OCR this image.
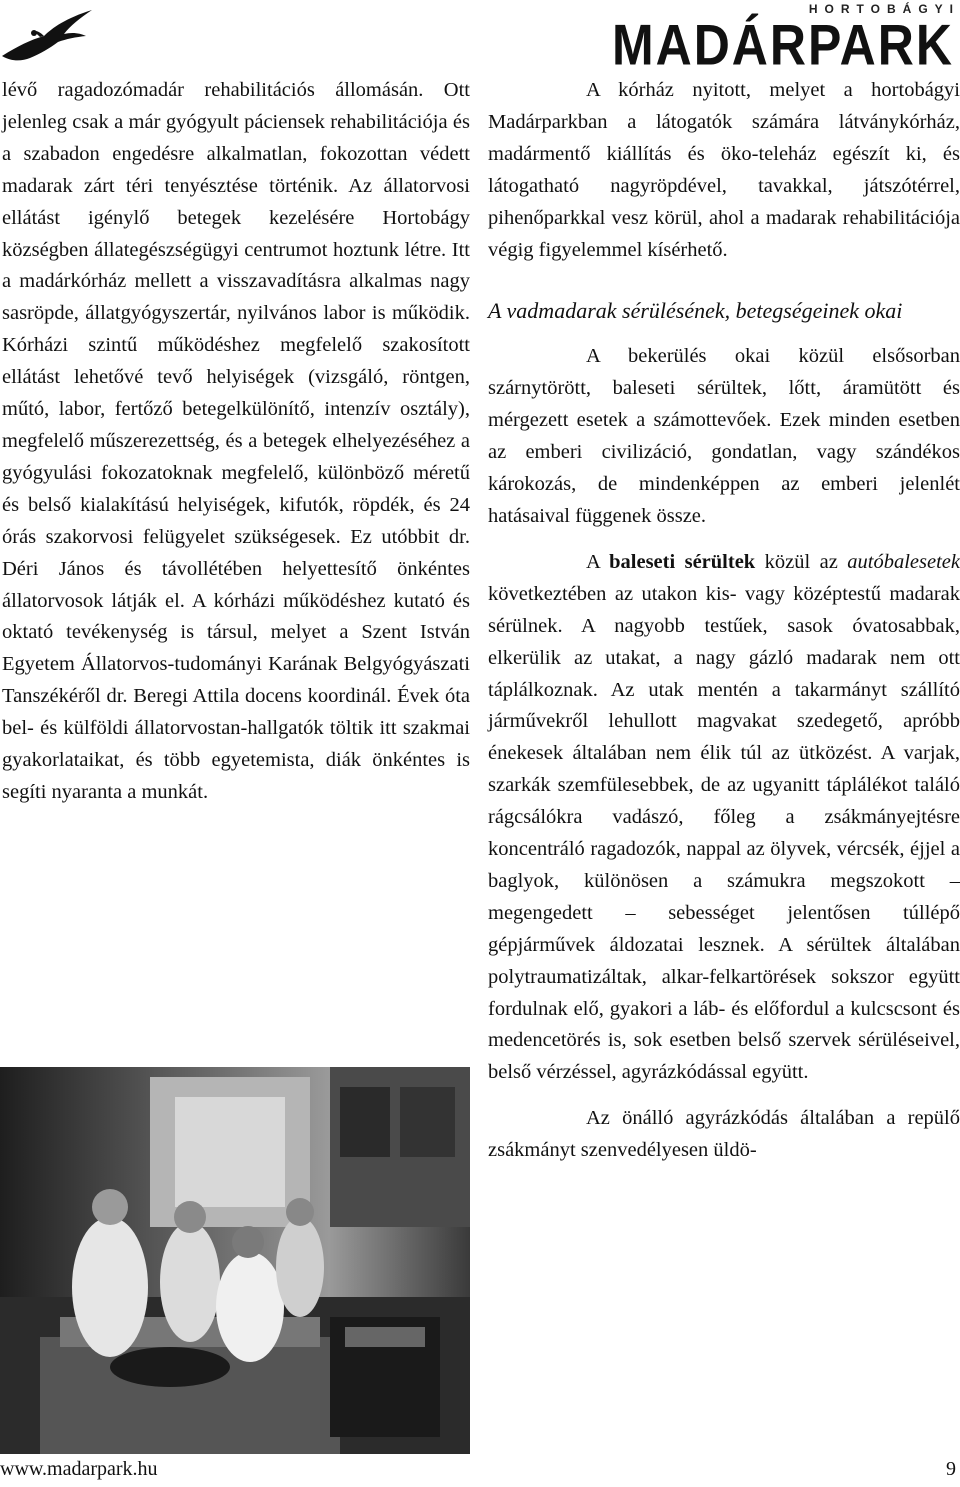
HORTOBÁGYI
MADÁRPARK

lévő ragadozómadár rehabilitációs állomásán. Ott jelenleg csak a már gyógyult páciensek rehabilitációja és a szabadon engedésre alkalmatlan, fokozottan védett madarak zárt téri tenyésztése történik. Az állatorvosi ellátást igénylő betegek kezelésére Hortobágy községben állategészségügyi centrumot hoztunk létre. Itt a madárkórház mellett a visszavadításra alkalmas nagy sasröpde, állatgyógyszertár, nyilvános labor is működik. Kórházi szintű működéshez megfelelő szakosított ellátást lehetővé tevő helyiségek (vizsgáló, röntgen, műtó, labor, fertőző betegelkülönítő, intenzív osztály), megfelelő műszerezettség, és a betegek elhelyezéséhez a gyógyulási fokozatoknak megfelelő, különböző méretű és belső kialakítású helyiségek, kifutók, röpdék, és 24 órás szakorvosi felügyelet szükségesek. Ez utóbbit dr. Déri János és távollétében helyettesítő önkéntes állatorvosok látják el. A kórházi működéshez kutató és oktató tevékenység is társul, melyet a Szent István Egyetem Állatorvos-tudományi Karának Belgyógyászati Tanszékéről dr. Beregi Attila docens koordinál. Évek óta bel- és külföldi állatorvostan-hallgatók töltik itt szakmai gyakorlataikat, és több egyetemista, diák önkéntes is segíti nyaranta a munkát.

A kórház nyitott, melyet a hortobágyi Madárparkban a látogatók számára látványkórház, madármentő kiállítás és öko-teleház egészít ki, és látogatható nagyröpdével, tavakkal, játszótérrel, pihenőparkkal vesz körül, ahol a madarak rehabilitációja végig figyelemmel kísérhető.

A vadmadarak sérülésének, betegségeinek okai

A bekerülés okai közül elsősorban szárnytörött, baleseti sérültek, lőtt, áramütött és mérgezett esetek a számottevőek. Ezek minden esetben az emberi civilizáció, gondatlan, vagy szándékos károkozás, de mindenképpen az emberi jelenlét hatásaival függenek össze.

A baleseti sérültek közül az autóbalesetek következtében az utakon kis- vagy középtestű madarak sérülnek. A nagyobb testűek, sasok óvatosabbak, elkerülik az utakat, a nagy gázló madarak nem ott táplálkoznak. Az utak mentén a takarmányt szállító járművekről lehullott magvakat szedegető, apróbb énekesek általában nem élik túl az ütközést. A varjak, szarkák szemfülesebbek, de az ugyanitt táplálékot találó rágcsálókra vadászó, főleg a zsákmányejtésre koncentráló ragadozók, nappal az ölyvek, vércsék, éjjel a baglyok, különösen a számukra megszokott – megengedett – sebességet jelentősen túllépő gépjárművek áldozatai lesznek. A sérültek általában polytraumatizáltak, alkar-felkartörések sokszor együtt fordulnak elő, gyakori a láb- és előfordul a kulcscsont és medencetörés is, sok esetben belső szervek sérüléseivel, belső vérzéssel, agyrázkódással együtt.

Az önálló agyrázkódás általában a repülő zsákmányt szenvedélyesen üldö-

www.madarpark.hu	9
